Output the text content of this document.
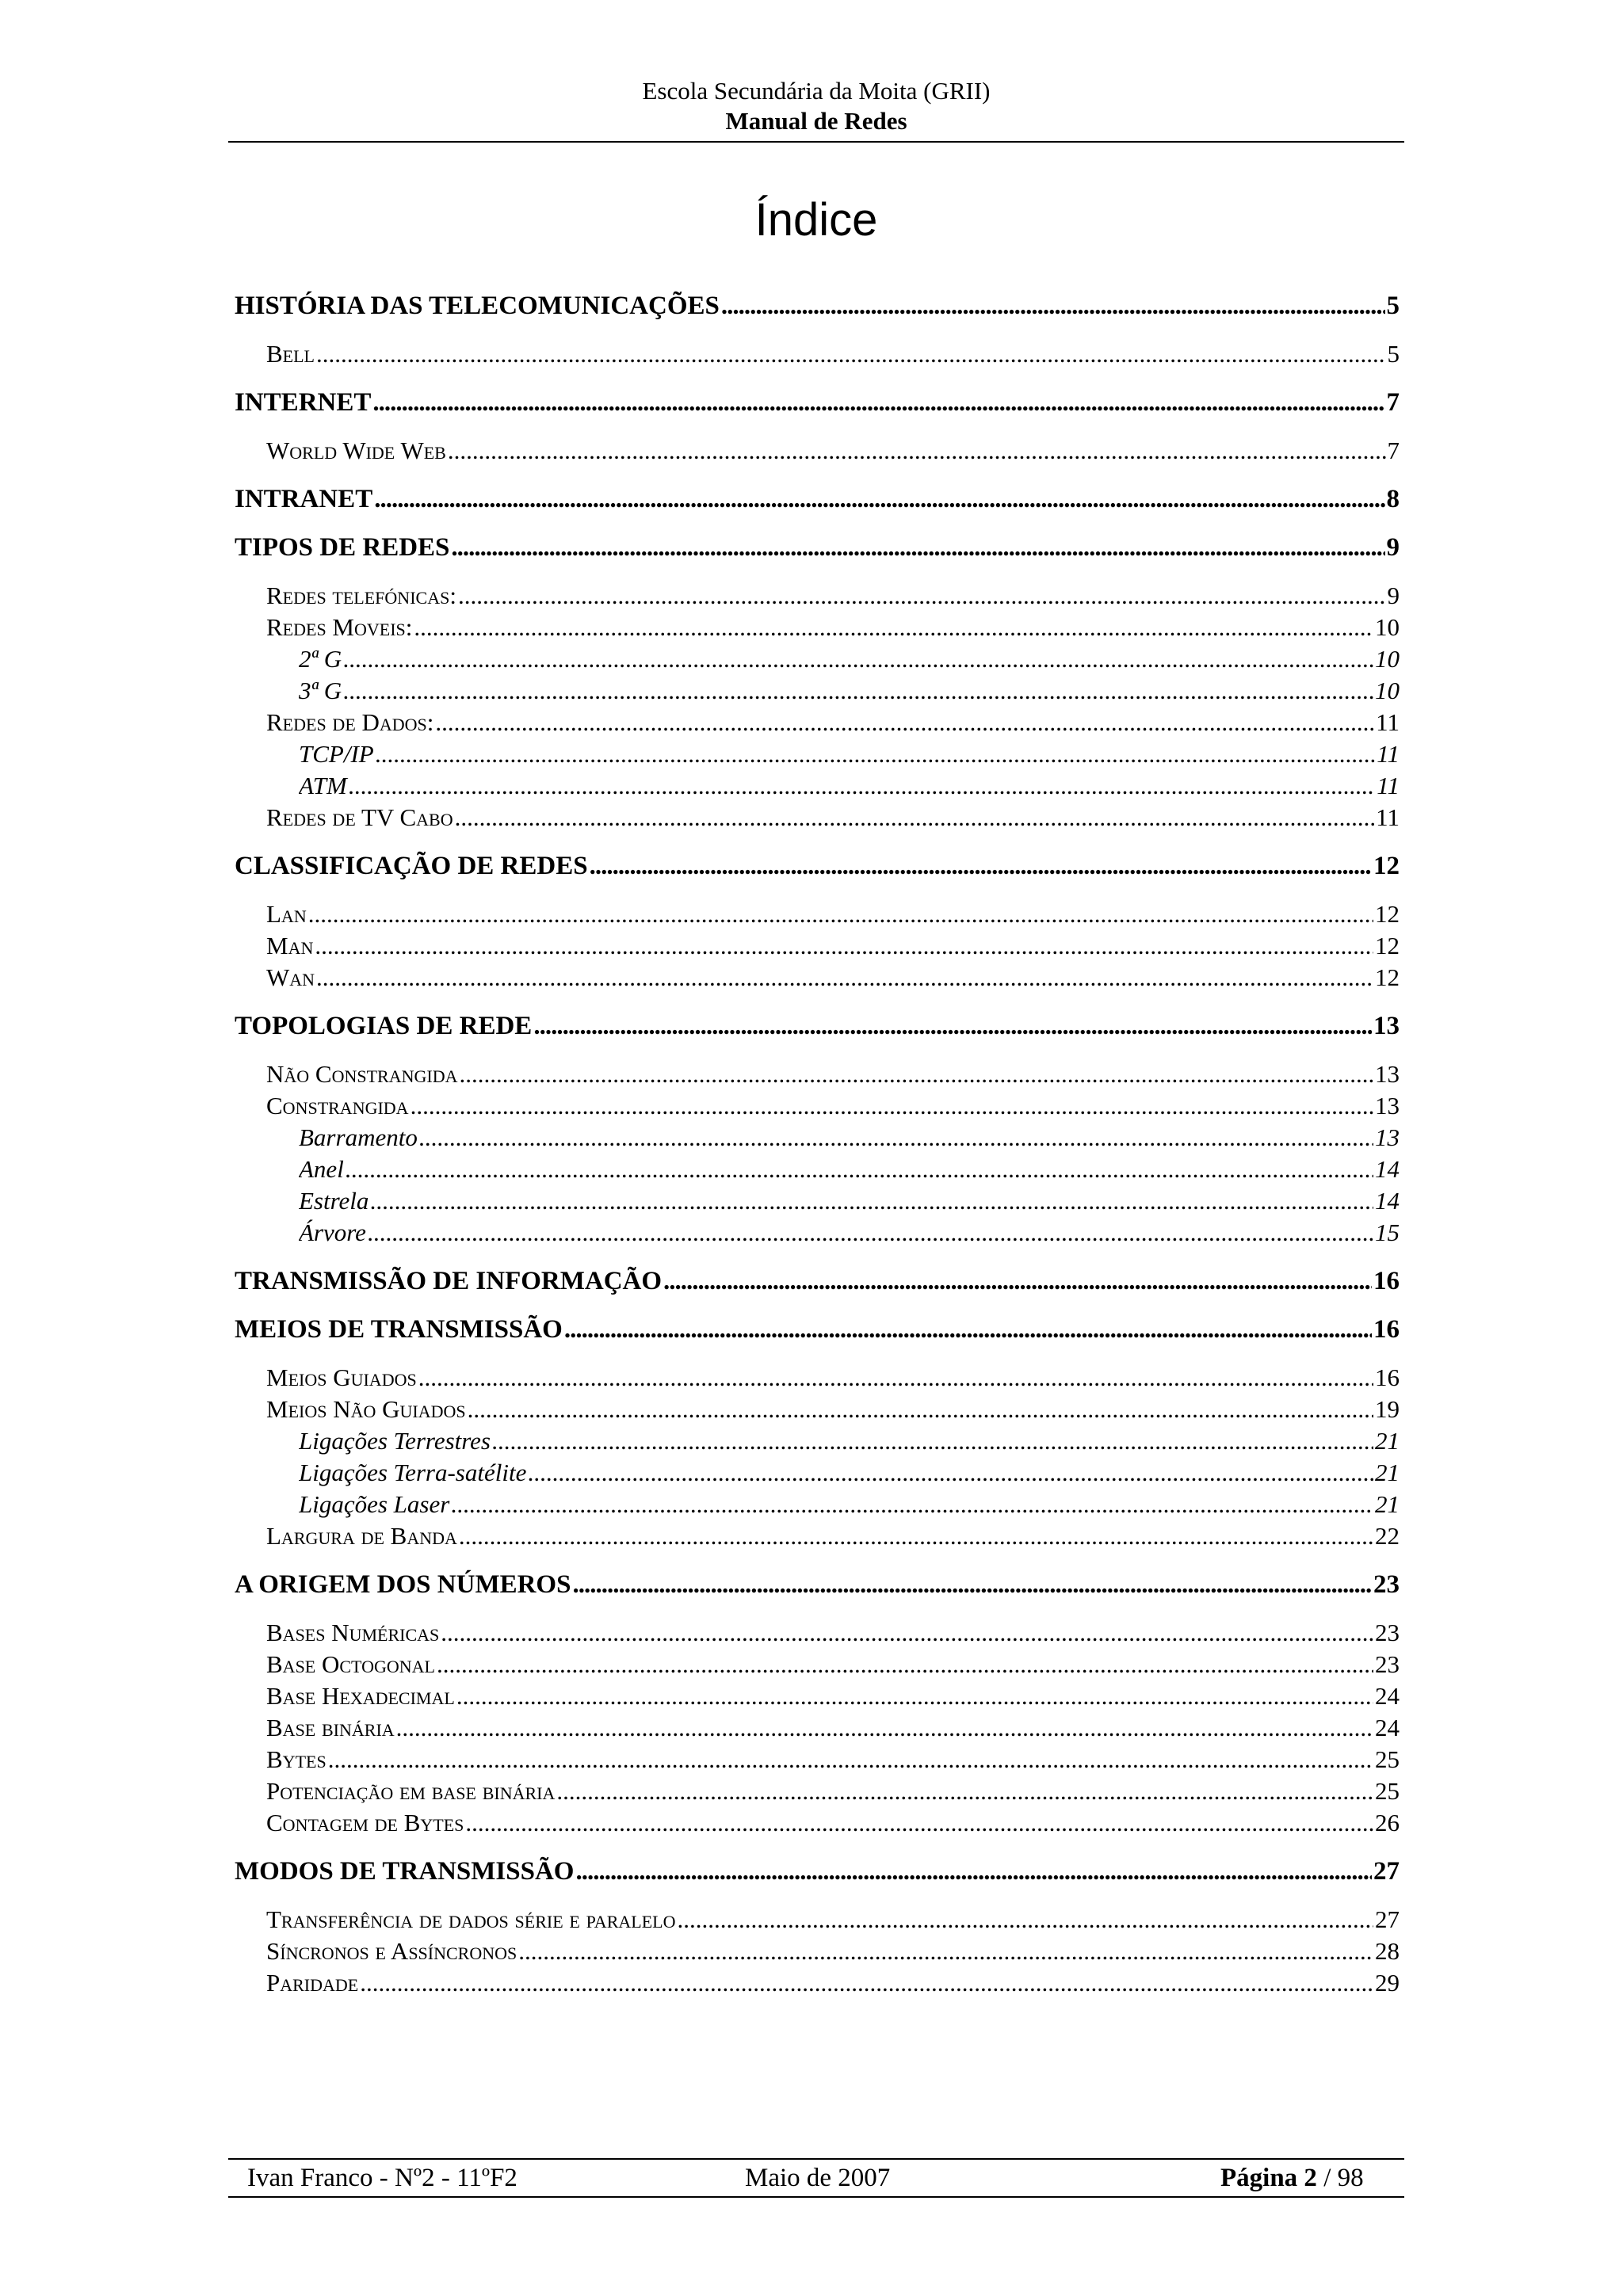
Escola Secundária da Moita (GRII)
Manual de Redes
Índice
HISTÓRIA DAS TELECOMUNICAÇÕES .....	5
Bell .....	5
INTERNET .....	7
World Wide Web .....	7
INTRANET .....	8
TIPOS DE REDES .....	9
Redes telefónicas: .....	9
Redes Moveis: .....	10
2ª G .....	10
3ª G .....	10
Redes de Dados: .....	11
TCP/IP .....	11
ATM .....	11
Redes de TV Cabo .....	11
CLASSIFICAÇÃO DE REDES .....	12
Lan .....	12
Man .....	12
Wan .....	12
TOPOLOGIAS DE REDE .....	13
Não Constrangida .....	13
Constrangida .....	13
Barramento .....	13
Anel .....	14
Estrela .....	14
Árvore .....	15
TRANSMISSÃO DE INFORMAÇÃO .....	16
MEIOS DE TRANSMISSÃO .....	16
Meios Guiados .....	16
Meios Não Guiados .....	19
Ligações Terrestres .....	21
Ligações Terra-satélite .....	21
Ligações Laser .....	21
Largura de Banda .....	22
A ORIGEM DOS NÚMEROS .....	23
Bases Numéricas .....	23
Base Octogonal .....	23
Base Hexadecimal .....	24
Base binária .....	24
Bytes .....	25
Potenciação em base binária .....	25
Contagem de Bytes .....	26
MODOS DE TRANSMISSÃO .....	27
Transferência de dados série e paralelo .....	27
Síncronos e Assíncronos .....	28
Paridade .....	29
Ivan Franco - Nº2 - 11ºF2	Maio de 2007	Página 2 / 98
